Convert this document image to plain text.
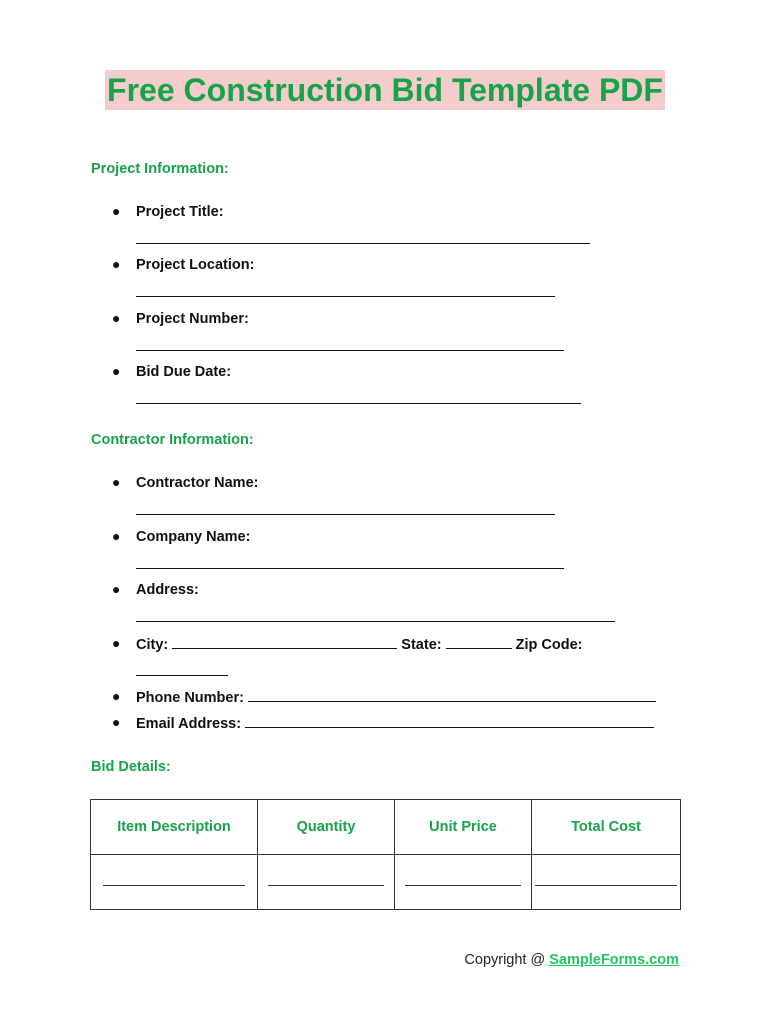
Free Construction Bid Template PDF
Project Information:
● Project Title:
● Project Location:
● Project Number:
● Bid Due Date:
Contractor Information:
● Contractor Name:
● Company Name:
● Address:
● City:	State:	Zip Code:
● Phone Number:
● Email Address:
Bid Details:
Item Description	Quantity	Unit Price	Total Cost

Copyright @ SampleForms.com
